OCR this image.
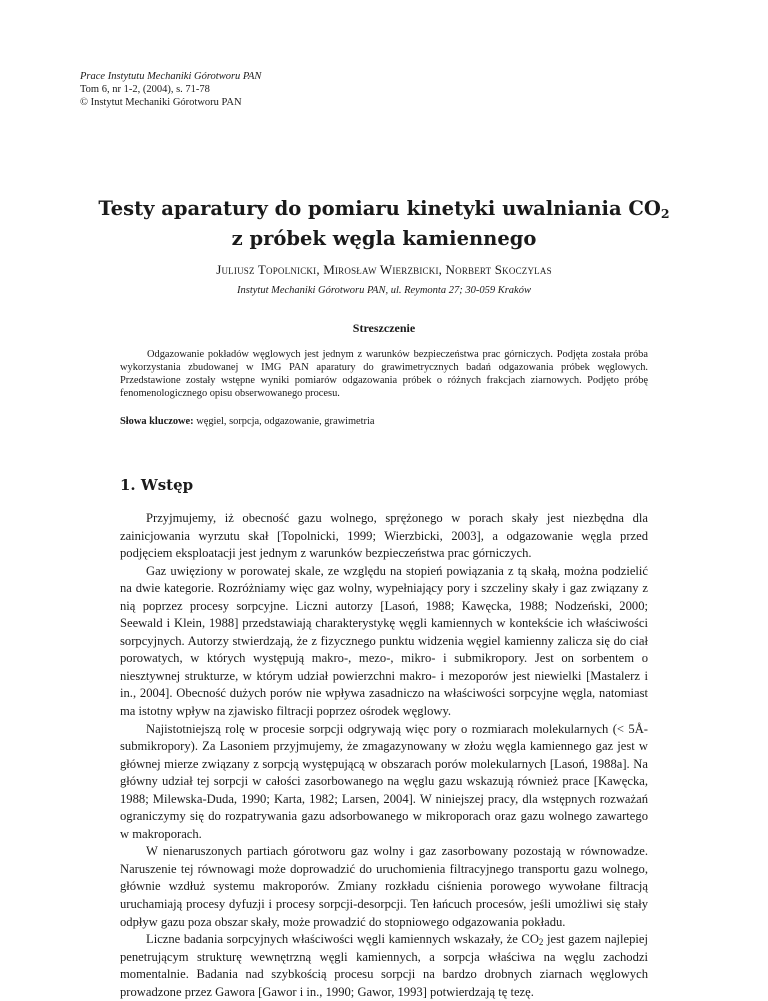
Prace Instytutu Mechaniki Górotworu PAN
Tom 6, nr 1-2, (2004), s. 71-78
© Instytut Mechaniki Górotworu PAN
Testy aparatury do pomiaru kinetyki uwalniania $CO_2$
z próbek węgla kamiennego
Juliusz Topolnicki, Mirosław Wierzbicki, Norbert Skoczylas
Instytut Mechaniki Górotworu PAN, ul. Reymonta 27; 30-059 Kraków
Streszczenie
Odgazowanie pokładów węglowych jest jednym z warunków bezpieczeństwa prac górniczych. Podjęta została próba wykorzystania zbudowanej w IMG PAN aparatury do grawimetrycznych badań odgazowania próbek węglowych. Przedstawione zostały wstępne wyniki pomiarów odgazowania próbek o różnych frakcjach ziarnowych. Podjęto próbę fenomenologicznego opisu obserwowanego procesu.
Słowa kluczowe: węgiel, sorpcja, odgazowanie, grawimetria
1. Wstęp

Przyjmujemy, iż obecność gazu wolnego, sprężonego w porach skały jest niezbędna dla zainicjowania wyrzutu skał [Topolnicki, 1999; Wierzbicki, 2003], a odgazowanie węgla przed podjęciem eksploatacji jest jednym z warunków bezpieczeństwa prac górniczych.

Gaz uwięziony w porowatej skale, ze względu na stopień powiązania z tą skałą, można podzielić na dwie kategorie. Rozróżniamy więc gaz wolny, wypełniający pory i szczeliny skały i gaz związany z nią poprzez procesy sorpcyjne. Liczni autorzy [Lasoń, 1988; Kawęcka, 1988; Nodzeński, 2000; Seewald i Klein, 1988] przedstawiają charakterystykę węgli kamiennych w kontekście ich właściwości sorpcyjnych. Autorzy stwierdzają, że z fizycznego punktu widzenia węgiel kamienny zalicza się do ciał porowatych, w których występują makro-, mezo-, mikro- i submikropory. Jest on sorbentem o niesztywnej strukturze, w którym udział powierzchni makro- i mezoporów jest niewielki [Mastalerz i in., 2004]. Obecność dużych porów nie wpływa zasadniczo na właściwości sorpcyjne węgla, natomiast ma istotny wpływ na zjawisko filtracji poprzez ośrodek węglowy.

Najistotniejszą rolę w procesie sorpcji odgrywają więc pory o rozmiarach molekularnych (< 5Å- submikropory). Za Lasoniem przyjmujemy, że zmagazynowany w złożu węgla kamiennego gaz jest w głównej mierze związany z sorpcją występującą w obszarach porów molekularnych [Lasoń, 1988a]. Na główny udział tej sorpcji w całości zasorbowanego na węglu gazu wskazują również prace [Kawęcka, 1988; Milewska-Duda, 1990; Karta, 1982; Larsen, 2004]. W niniejszej pracy, dla wstępnych rozważań ograniczymy się do rozpatrywania gazu adsorbowanego w mikroporach oraz gazu wolnego zawartego w makroporach.

W nienaruszonych partiach górotworu gaz wolny i gaz zasorbowany pozostają w równowadze. Naruszenie tej równowagi może doprowadzić do uruchomienia filtracyjnego transportu gazu wolnego, głównie wzdłuż systemu makroporów. Zmiany rozkładu ciśnienia porowego wywołane filtracją uruchamiają procesy dyfuzji i procesy sorpcji-desorpcji. Ten łańcuch procesów, jeśli umożliwi się stały odpływ gazu poza obszar skały, może prowadzić do stopniowego odgazowania pokładu.

Liczne badania sorpcyjnych właściwości węgli kamiennych wskazały, że $CO_2$ jest gazem najlepiej penetrującym strukturę wewnętrzną węgli kamiennych, a sorpcja właściwa na węglu zachodzi momentalnie. Badania nad szybkością procesu sorpcji na bardzo drobnych ziarnach węglowych prowadzone przez Gawora [Gawor i in., 1990; Gawor, 1993] potwierdzają tę tezę.
